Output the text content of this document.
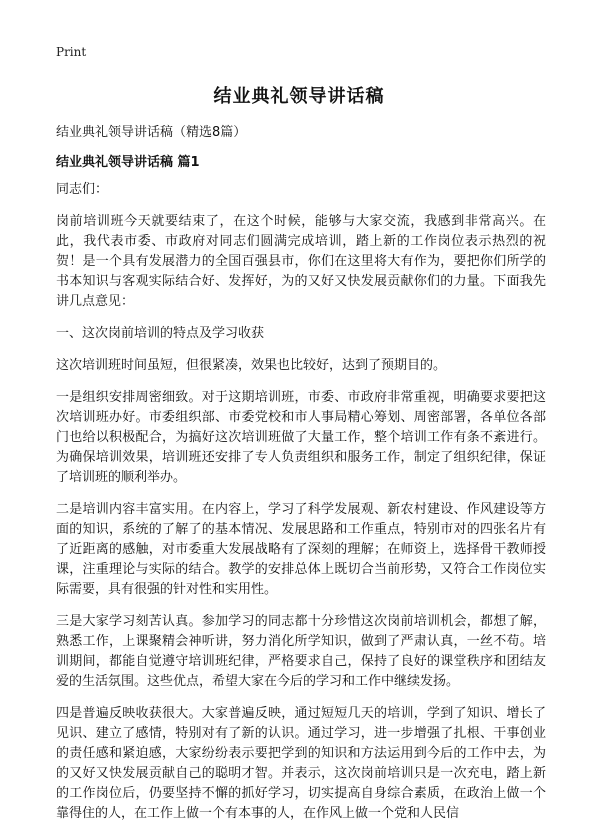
Print
结业典礼领导讲话稿
结业典礼领导讲话稿（精选8篇）
结业典礼领导讲话稿 篇1

同志们：

岗前培训班今天就要结束了，在这个时候，能够与大家交流，我感到非常高兴。在此，我代表市委、市政府对同志们圆满完成培训，踏上新的工作岗位表示热烈的祝贺！是一个具有发展潜力的全国百强县市，你们在这里将大有作为，要把你们所学的书本知识与客观实际结合好、发挥好，为的又好又快发展贡献你们的力量。下面我先讲几点意见：

一、这次岗前培训的特点及学习收获

这次培训班时间虽短，但很紧凑，效果也比较好，达到了预期目的。

一是组织安排周密细致。对于这期培训班，市委、市政府非常重视，明确要求要把这次培训班办好。市委组织部、市委党校和市人事局精心筹划、周密部署，各单位各部门也给以积极配合，为搞好这次培训班做了大量工作，整个培训工作有条不紊进行。为确保培训效果，培训班还安排了专人负责组织和服务工作，制定了组织纪律，保证了培训班的顺利举办。

二是培训内容丰富实用。在内容上，学习了科学发展观、新农村建设、作风建设等方面的知识，系统的了解了的基本情况、发展思路和工作重点，特别市对的四张名片有了近距离的感触，对市委重大发展战略有了深刻的理解；在师资上，选择骨干教师授课，注重理论与实际的结合。教学的安排总体上既切合当前形势，又符合工作岗位实际需要，具有很强的针对性和实用性。

三是大家学习刻苦认真。参加学习的同志都十分珍惜这次岗前培训机会，都想了解，熟悉工作，上课聚精会神听讲，努力消化所学知识，做到了严肃认真，一丝不苟。培训期间，都能自觉遵守培训班纪律，严格要求自己，保持了良好的课堂秩序和团结友爱的生活氛围。这些优点，希望大家在今后的学习和工作中继续发扬。

四是普遍反映收获很大。大家普遍反映，通过短短几天的培训，学到了知识、增长了见识、建立了感情，特别对有了新的认识。通过学习，进一步增强了扎根、干事创业的责任感和紧迫感，大家纷纷表示要把学到的知识和方法运用到今后的工作中去，为的又好又快发展贡献自己的聪明才智。并表示，这次岗前培训只是一次充电，踏上新的工作岗位后，仍要坚持不懈的抓好学习，切实提高自身综合素质，在政治上做一个靠得住的人，在工作上做一个有本事的人，在作风上做一个党和人民信
